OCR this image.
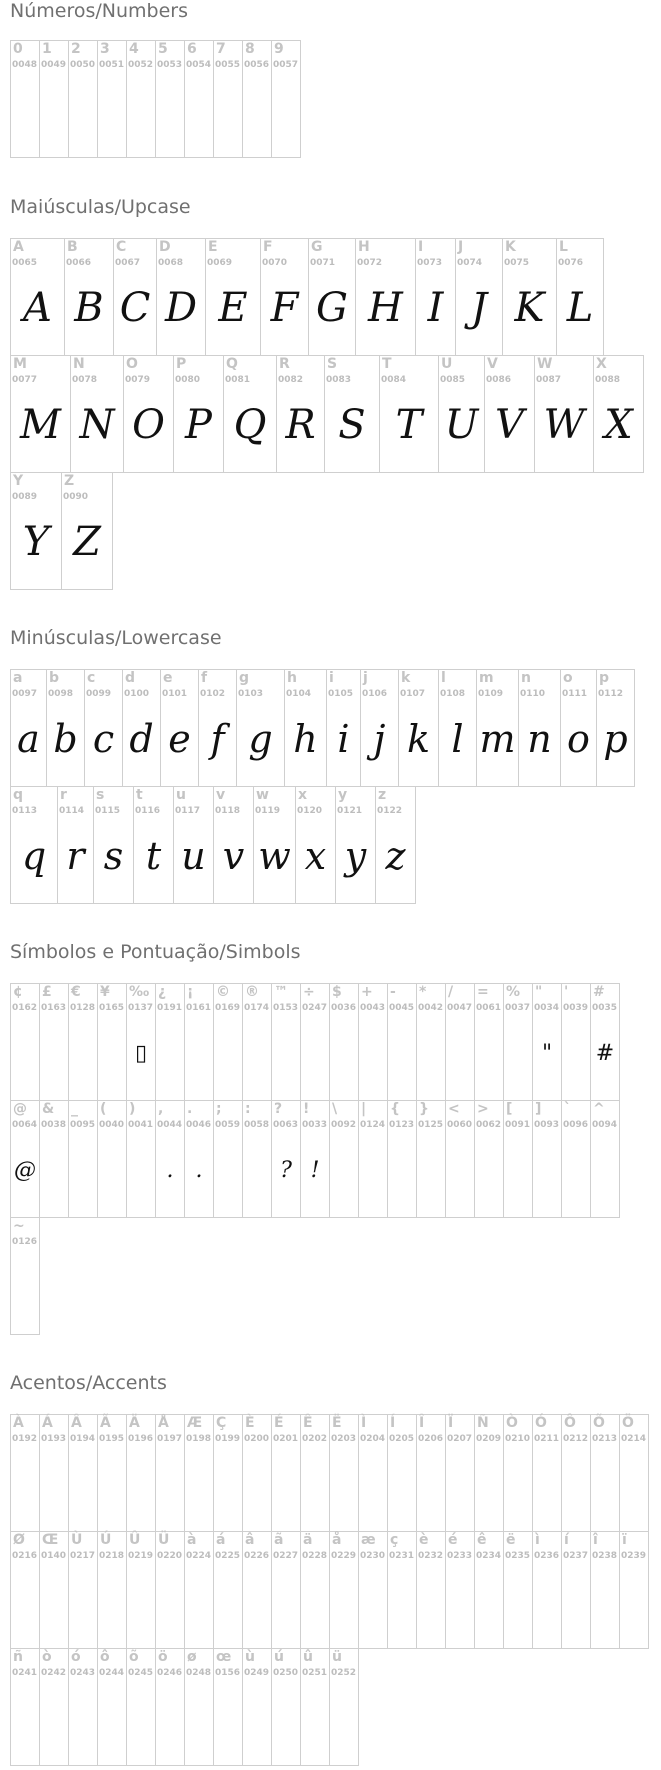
Números/Numbers
0
0048
1
0049
2
0050
3
0051
4
0052
5
0053
6
0054
7
0055
8
0056
9
0057
Maiúsculas/Upcase
A
0065
A
B
0066
B
C
0067
C
D
0068
D
E
0069
E
F
0070
F
G
0071
G
H
0072
H
I
0073
I
J
0074
J
K
0075
K
L
0076
L
M
0077
M
N
0078
N
O
0079
O
P
0080
P
Q
0081
Q
R
0082
R
S
0083
S
T
0084
T
U
0085
U
V
0086
V
W
0087
W
X
0088
X
Y
0089
Y
Z
0090
Z
Minúsculas/Lowercase
a
0097
a
b
0098
b
c
0099
c
d
0100
d
e
0101
e
f
0102
f
g
0103
g
h
0104
h
i
0105
i
j
0106
j
k
0107
k
l
0108
l
m
0109
m
n
0110
n
o
0111
o
p
0112
p
q
0113
q
r
0114
r
s
0115
s
t
0116
t
u
0117
u
v
0118
v
w
0119
w
x
0120
x
y
0121
y
z
0122
z
Símbolos e Pontuação/Simbols
¢
0162
£
0163
€
0128
¥
0165
‰
0137
▯
¿
0191
¡
0161
©
0169
®
0174
™
0153
÷
0247
$
0036
+
0043
-
0045
*
0042
/
0047
=
0061
%
0037
"
0034
"
'
0039
#
0035
#
@
0064
@
&
0038
_
0095
(
0040
)
0041
,
0044
.
.
0046
.
;
0059
:
0058
?
0063
?
!
0033
!
\
0092
|
0124
{
0123
}
0125
<
0060
>
0062
[
0091
]
0093
`
0096
^
0094
~
0126
Acentos/Accents
À
0192
Á
0193
Â
0194
Ã
0195
Ä
0196
Å
0197
Æ
0198
Ç
0199
È
0200
É
0201
Ê
0202
Ë
0203
Ì
0204
Í
0205
Î
0206
Ï
0207
Ñ
0209
Ò
0210
Ó
0211
Ô
0212
Õ
0213
Ö
0214
Ø
0216
Œ
0140
Ù
0217
Ú
0218
Û
0219
Ü
0220
à
0224
á
0225
â
0226
ã
0227
ä
0228
å
0229
æ
0230
ç
0231
è
0232
é
0233
ê
0234
ë
0235
ì
0236
í
0237
î
0238
ï
0239
ñ
0241
ò
0242
ó
0243
ô
0244
õ
0245
ö
0246
ø
0248
œ
0156
ù
0249
ú
0250
û
0251
ü
0252
